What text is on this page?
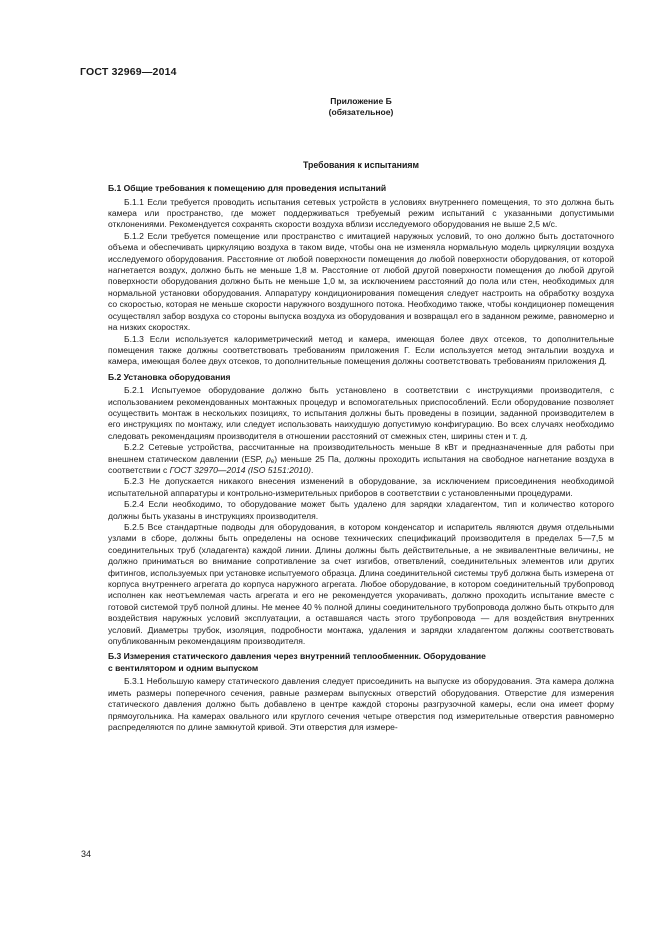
ГОСТ 32969—2014
Приложение Б
(обязательное)
Требования к испытаниям
Б.1 Общие требования к помещению для проведения испытаний

Б.1.1 Если требуется проводить испытания сетевых устройств в условиях внутреннего помещения, то это должна быть камера или пространство, где может поддерживаться требуемый режим испытаний с указанными допустимыми отклонениями. Рекомендуется сохранять скорости воздуха вблизи исследуемого оборудования не выше 2,5 м/с.

Б.1.2 Если требуется помещение или пространство с имитацией наружных условий, то оно должно быть достаточного объема и обеспечивать циркуляцию воздуха в таком виде, чтобы она не изменяла нормальную модель циркуляции воздуха исследуемого оборудования. Расстояние от любой поверхности помещения до любой поверхности оборудования, от которой нагнетается воздух, должно быть не меньше 1,8 м. Расстояние от любой другой поверхности помещения до любой другой поверхности оборудования должно быть не меньше 1,0 м, за исключением расстояний до пола или стен, необходимых для нормальной установки оборудования. Аппаратуру кондиционирования помещения следует настроить на обработку воздуха со скоростью, которая не меньше скорости наружного воздушного потока. Необходимо также, чтобы кондиционер помещения осуществлял забор воздуха со стороны выпуска воздуха из оборудования и возвращал его в заданном режиме, равномерно и на низких скоростях.

Б.1.3 Если используется калориметрический метод и камера, имеющая более двух отсеков, то дополнительные помещения также должны соответствовать требованиям приложения Г. Если используется метод энтальпии воздуха и камера, имеющая более двух отсеков, то дополнительные помещения должны соответствовать требованиям приложения Д.

Б.2 Установка оборудования

Б.2.1 Испытуемое оборудование должно быть установлено в соответствии с инструкциями производителя, с использованием рекомендованных монтажных процедур и вспомогательных приспособлений. Если оборудование позволяет осуществить монтаж в нескольких позициях, то испытания должны быть проведены в позиции, заданной производителем в его инструкциях по монтажу, или следует использовать наихудшую допустимую конфигурацию. Во всех случаях необходимо следовать рекомендациям производителя в отношении расстояний от смежных стен, ширины стен и т. д.

Б.2.2 Сетевые устройства, рассчитанные на производительность меньше 8 кВт и предназначенные для работы при внешнем статическом давлении (ESP, $p_e$) меньше 25 Па, должны проходить испытания на свободное нагнетание воздуха в соответствии с ГОСТ 32970—2014 (ISO 5151:2010).

Б.2.3 Не допускается никакого внесения изменений в оборудование, за исключением присоединения необходимой испытательной аппаратуры и контрольно-измерительных приборов в соответствии с установленными процедурами.

Б.2.4 Если необходимо, то оборудование может быть удалено для зарядки хладагентом, тип и количество которого должны быть указаны в инструкциях производителя.

Б.2.5 Все стандартные подводы для оборудования, в котором конденсатор и испаритель являются двумя отдельными узлами в сборе, должны быть определены на основе технических спецификаций производителя в пределах 5—7,5 м соединительных труб (хладагента) каждой линии. Длины должны быть действительные, а не эквивалентные величины, не должно приниматься во внимание сопротивление за счет изгибов, ответвлений, соединительных элементов или других фитингов, используемых при установке испытуемого образца. Длина соединительной системы труб должна быть измерена от корпуса внутреннего агрегата до корпуса наружного агрегата. Любое оборудование, в котором соединительный трубопровод исполнен как неотъемлемая часть агрегата и его не рекомендуется укорачивать, должно проходить испытание вместе с готовой системой труб полной длины. Не менее 40 % полной длины соединительного трубопровода должно быть открыто для воздействия наружных условий эксплуатации, а оставшаяся часть этого трубопровода — для воздействия внутренних условий. Диаметры трубок, изоляция, подробности монтажа, удаления и зарядки хладагентом должны соответствовать опубликованным рекомендациям производителя.

Б.3 Измерения статического давления через внутренний теплообменник. Оборудование
с вентилятором и одним выпуском

Б.3.1 Небольшую камеру статического давления следует присоединить на выпуске из оборудования. Эта камера должна иметь размеры поперечного сечения, равные размерам выпускных отверстий оборудования. Отверстие для измерения статического давления должно быть добавлено в центре каждой стороны разгрузочной камеры, если она имеет форму прямоугольника. На камерах овального или круглого сечения четыре отверстия под измерительные отверстия равномерно распределяются по длине замкнутой кривой. Эти отверстия для измере-

34
